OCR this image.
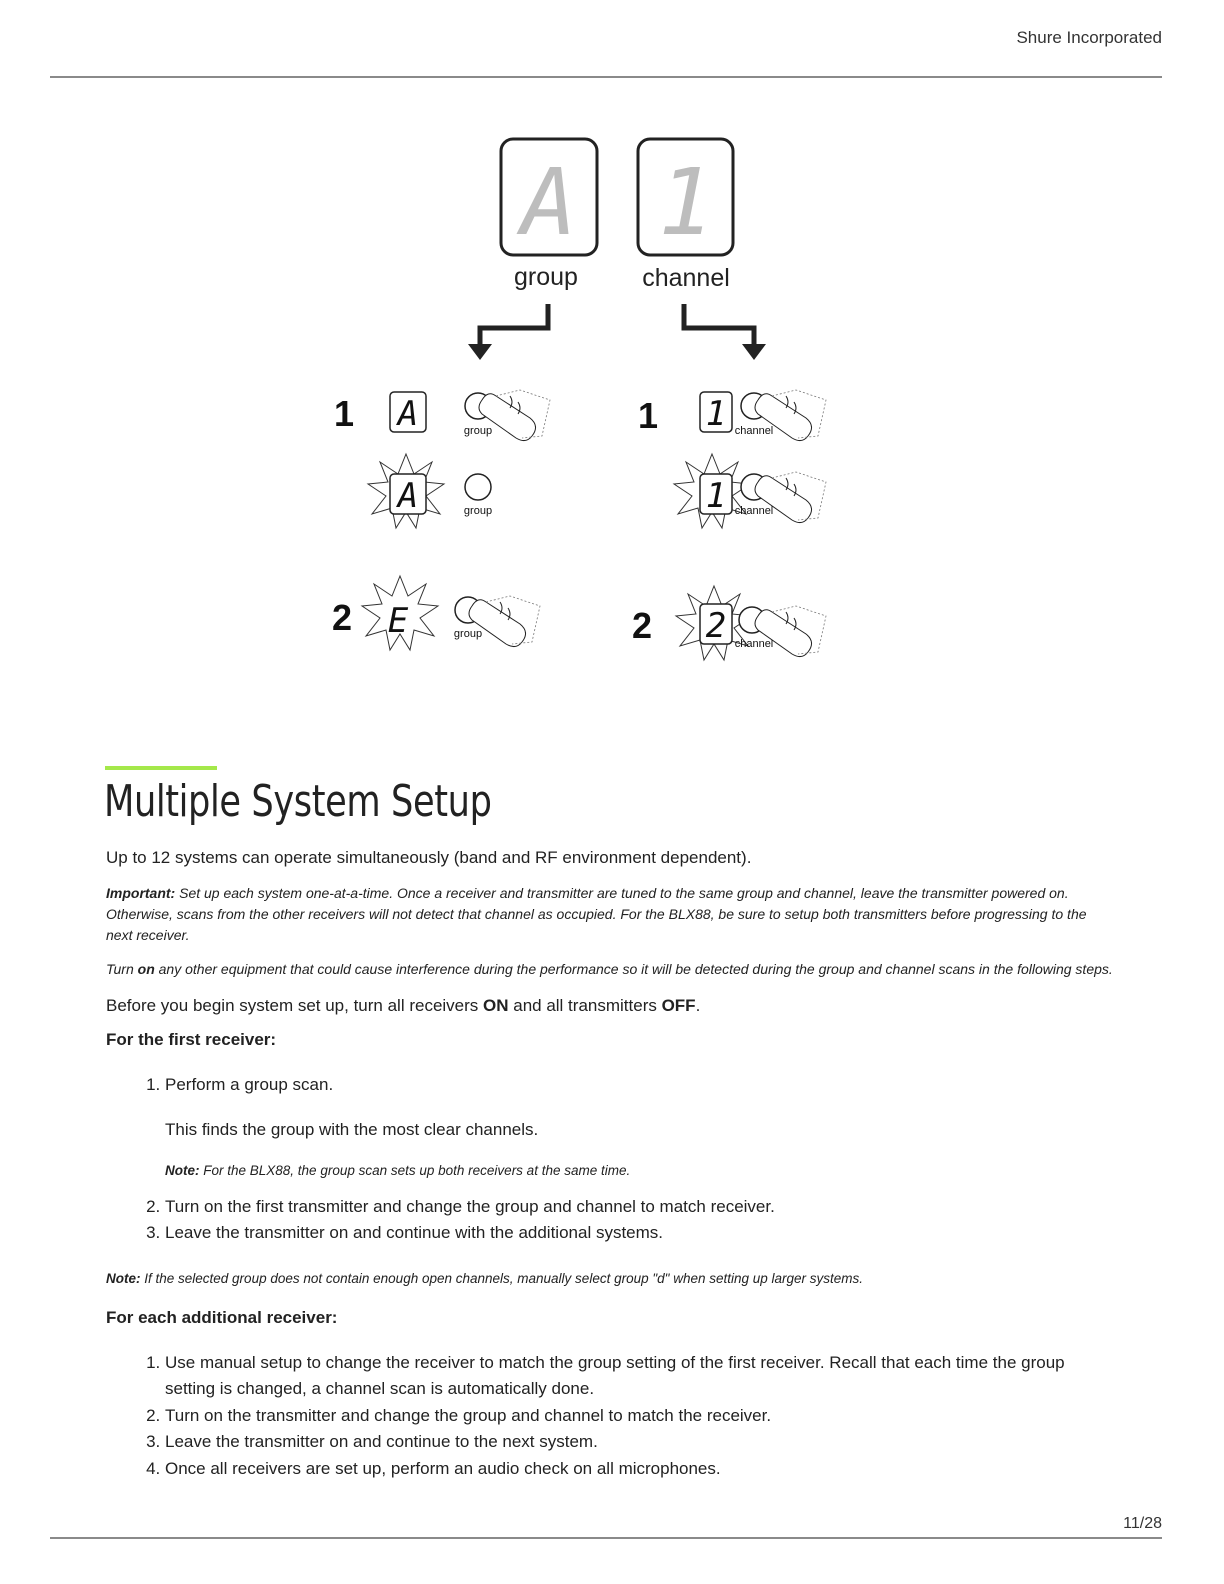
Shure Incorporated
A 1
group	channel
1 A	group
A	group
2 E	group
1 1 channel
1 channel
2 2 channel
Multiple System Setup

Up to 12 systems can operate simultaneously (band and RF environment dependent).

Important: Set up each system one-at-a-time. Once a receiver and transmitter are tuned to the same group and channel, leave the transmitter powered on. Otherwise, scans from the other receivers will not detect that channel as occupied. For the BLX88, be sure to setup both transmitters before progressing to the next receiver.

Turn on any other equipment that could cause interference during the performance so it will be detected during the group and channel scans in the following steps.

Before you begin system set up, turn all receivers ON and all transmitters OFF.

For the first receiver:

1. Perform a group scan.

This finds the group with the most clear channels.

Note: For the BLX88, the group scan sets up both receivers at the same time.

2. Turn on the first transmitter and change the group and channel to match receiver.
3. Leave the transmitter on and continue with the additional systems.

Note: If the selected group does not contain enough open channels, manually select group "d" when setting up larger systems.

For each additional receiver:

1. Use manual setup to change the receiver to match the group setting of the first receiver. Recall that each time the group setting is changed, a channel scan is automatically done.
2. Turn on the transmitter and change the group and channel to match the receiver.
3. Leave the transmitter on and continue to the next system.
4. Once all receivers are set up, perform an audio check on all microphones.
11/28
